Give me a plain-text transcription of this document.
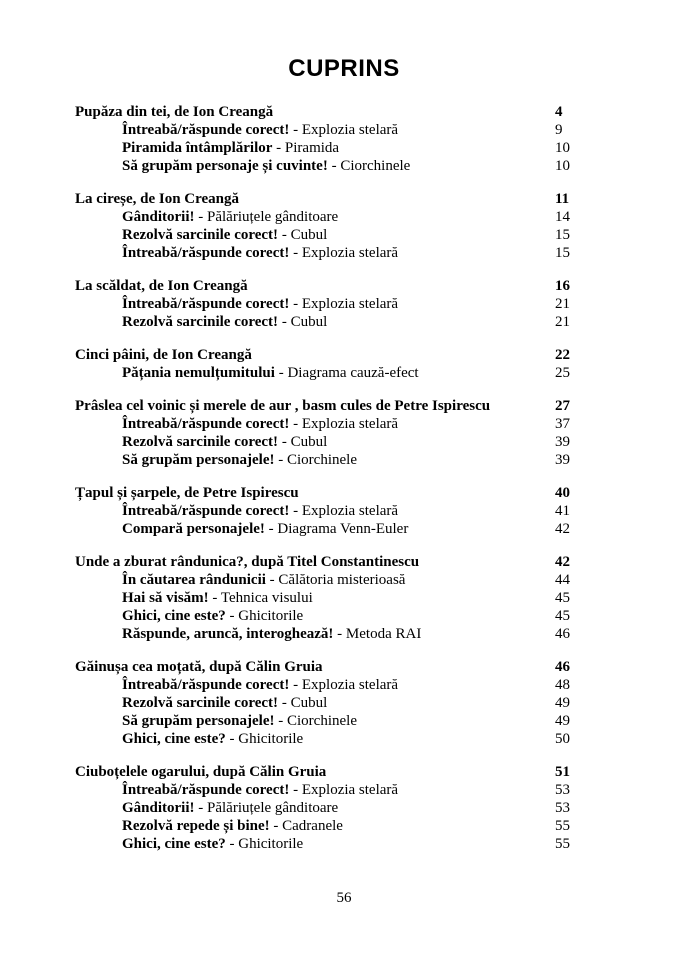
CUPRINS
Pupăza din tei, de Ion Creangă	4
Întreabă/răspunde corect! - Explozia stelară	9
Piramida întâmplărilor - Piramida	10
Să grupăm personaje și cuvinte! - Ciorchinele	10
La cireșe, de Ion Creangă	11
Gânditorii! - Pălăriuțele gânditoare	14
Rezolvă sarcinile corect! - Cubul	15
Întreabă/răspunde corect! - Explozia stelară	15
La scăldat, de Ion Creangă	16
Întreabă/răspunde corect! - Explozia stelară	21
Rezolvă sarcinile corect! - Cubul	21
Cinci pâini, de Ion Creangă	22
Pățania nemulțumitului - Diagrama cauză-efect	25
Prâslea cel voinic și merele de aur , basm cules de Petre Ispirescu	27
Întreabă/răspunde corect! - Explozia stelară	37
Rezolvă sarcinile corect! - Cubul	39
Să grupăm personajele! - Ciorchinele	39
Țapul și șarpele, de Petre Ispirescu	40
Întreabă/răspunde corect! - Explozia stelară	41
Compară personajele! - Diagrama Venn-Euler	42
Unde a zburat rândunica?, după Titel Constantinescu	42
În căutarea rândunicii - Călătoria misterioasă	44
Hai să visăm! - Tehnica visului	45
Ghici, cine este? - Ghicitorile	45
Răspunde, aruncă, interoghează! - Metoda RAI	46
Găinușa cea moțată, după Călin Gruia	46
Întreabă/răspunde corect! - Explozia stelară	48
Rezolvă sarcinile corect! - Cubul	49
Să grupăm personajele! - Ciorchinele	49
Ghici, cine este? - Ghicitorile	50
Ciuboțelele ogarului, după Călin Gruia	51
Întreabă/răspunde corect! - Explozia stelară	53
Gânditorii! - Pălăriuțele gânditoare	53
Rezolvă repede și bine! - Cadranele	55
Ghici, cine este? - Ghicitorile	55
56
